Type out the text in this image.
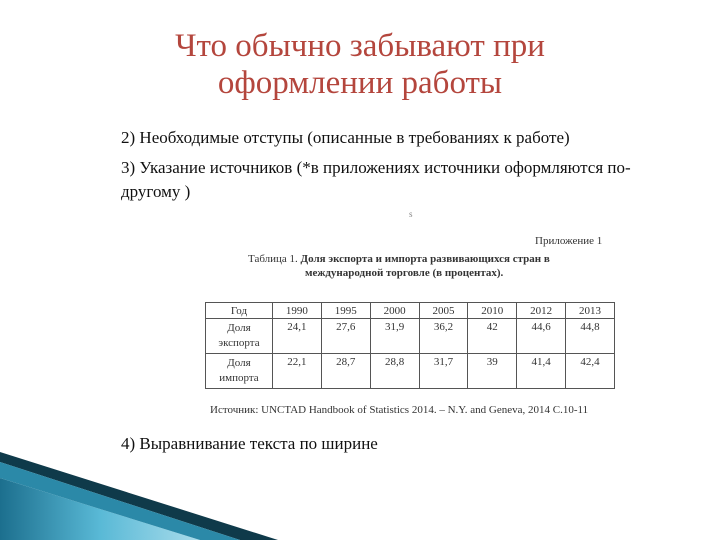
Что обычно забывают при
оформлении работы

2) Необходимые отступы (описанные в требованиях к работе)

3) Указание источников (*в приложениях источники оформляются по-другому )

s
Приложение 1
Таблица 1. Доля экспорта и импорта развивающихся стран в
международной торговле (в процентах).
Год	1990	1995	2000	2005	2010	2012	2013
Доля
экспорта	24,1	27,6	31,9	36,2	42	44,6	44,8
Доля
импорта	22,1	28,7	28,8	31,7	39	41,4	42,4
Источник: UNCTAD Handbook of Statistics 2014. – N.Y. and Geneva, 2014 С.10-11
4) Выравнивание текста по ширине
